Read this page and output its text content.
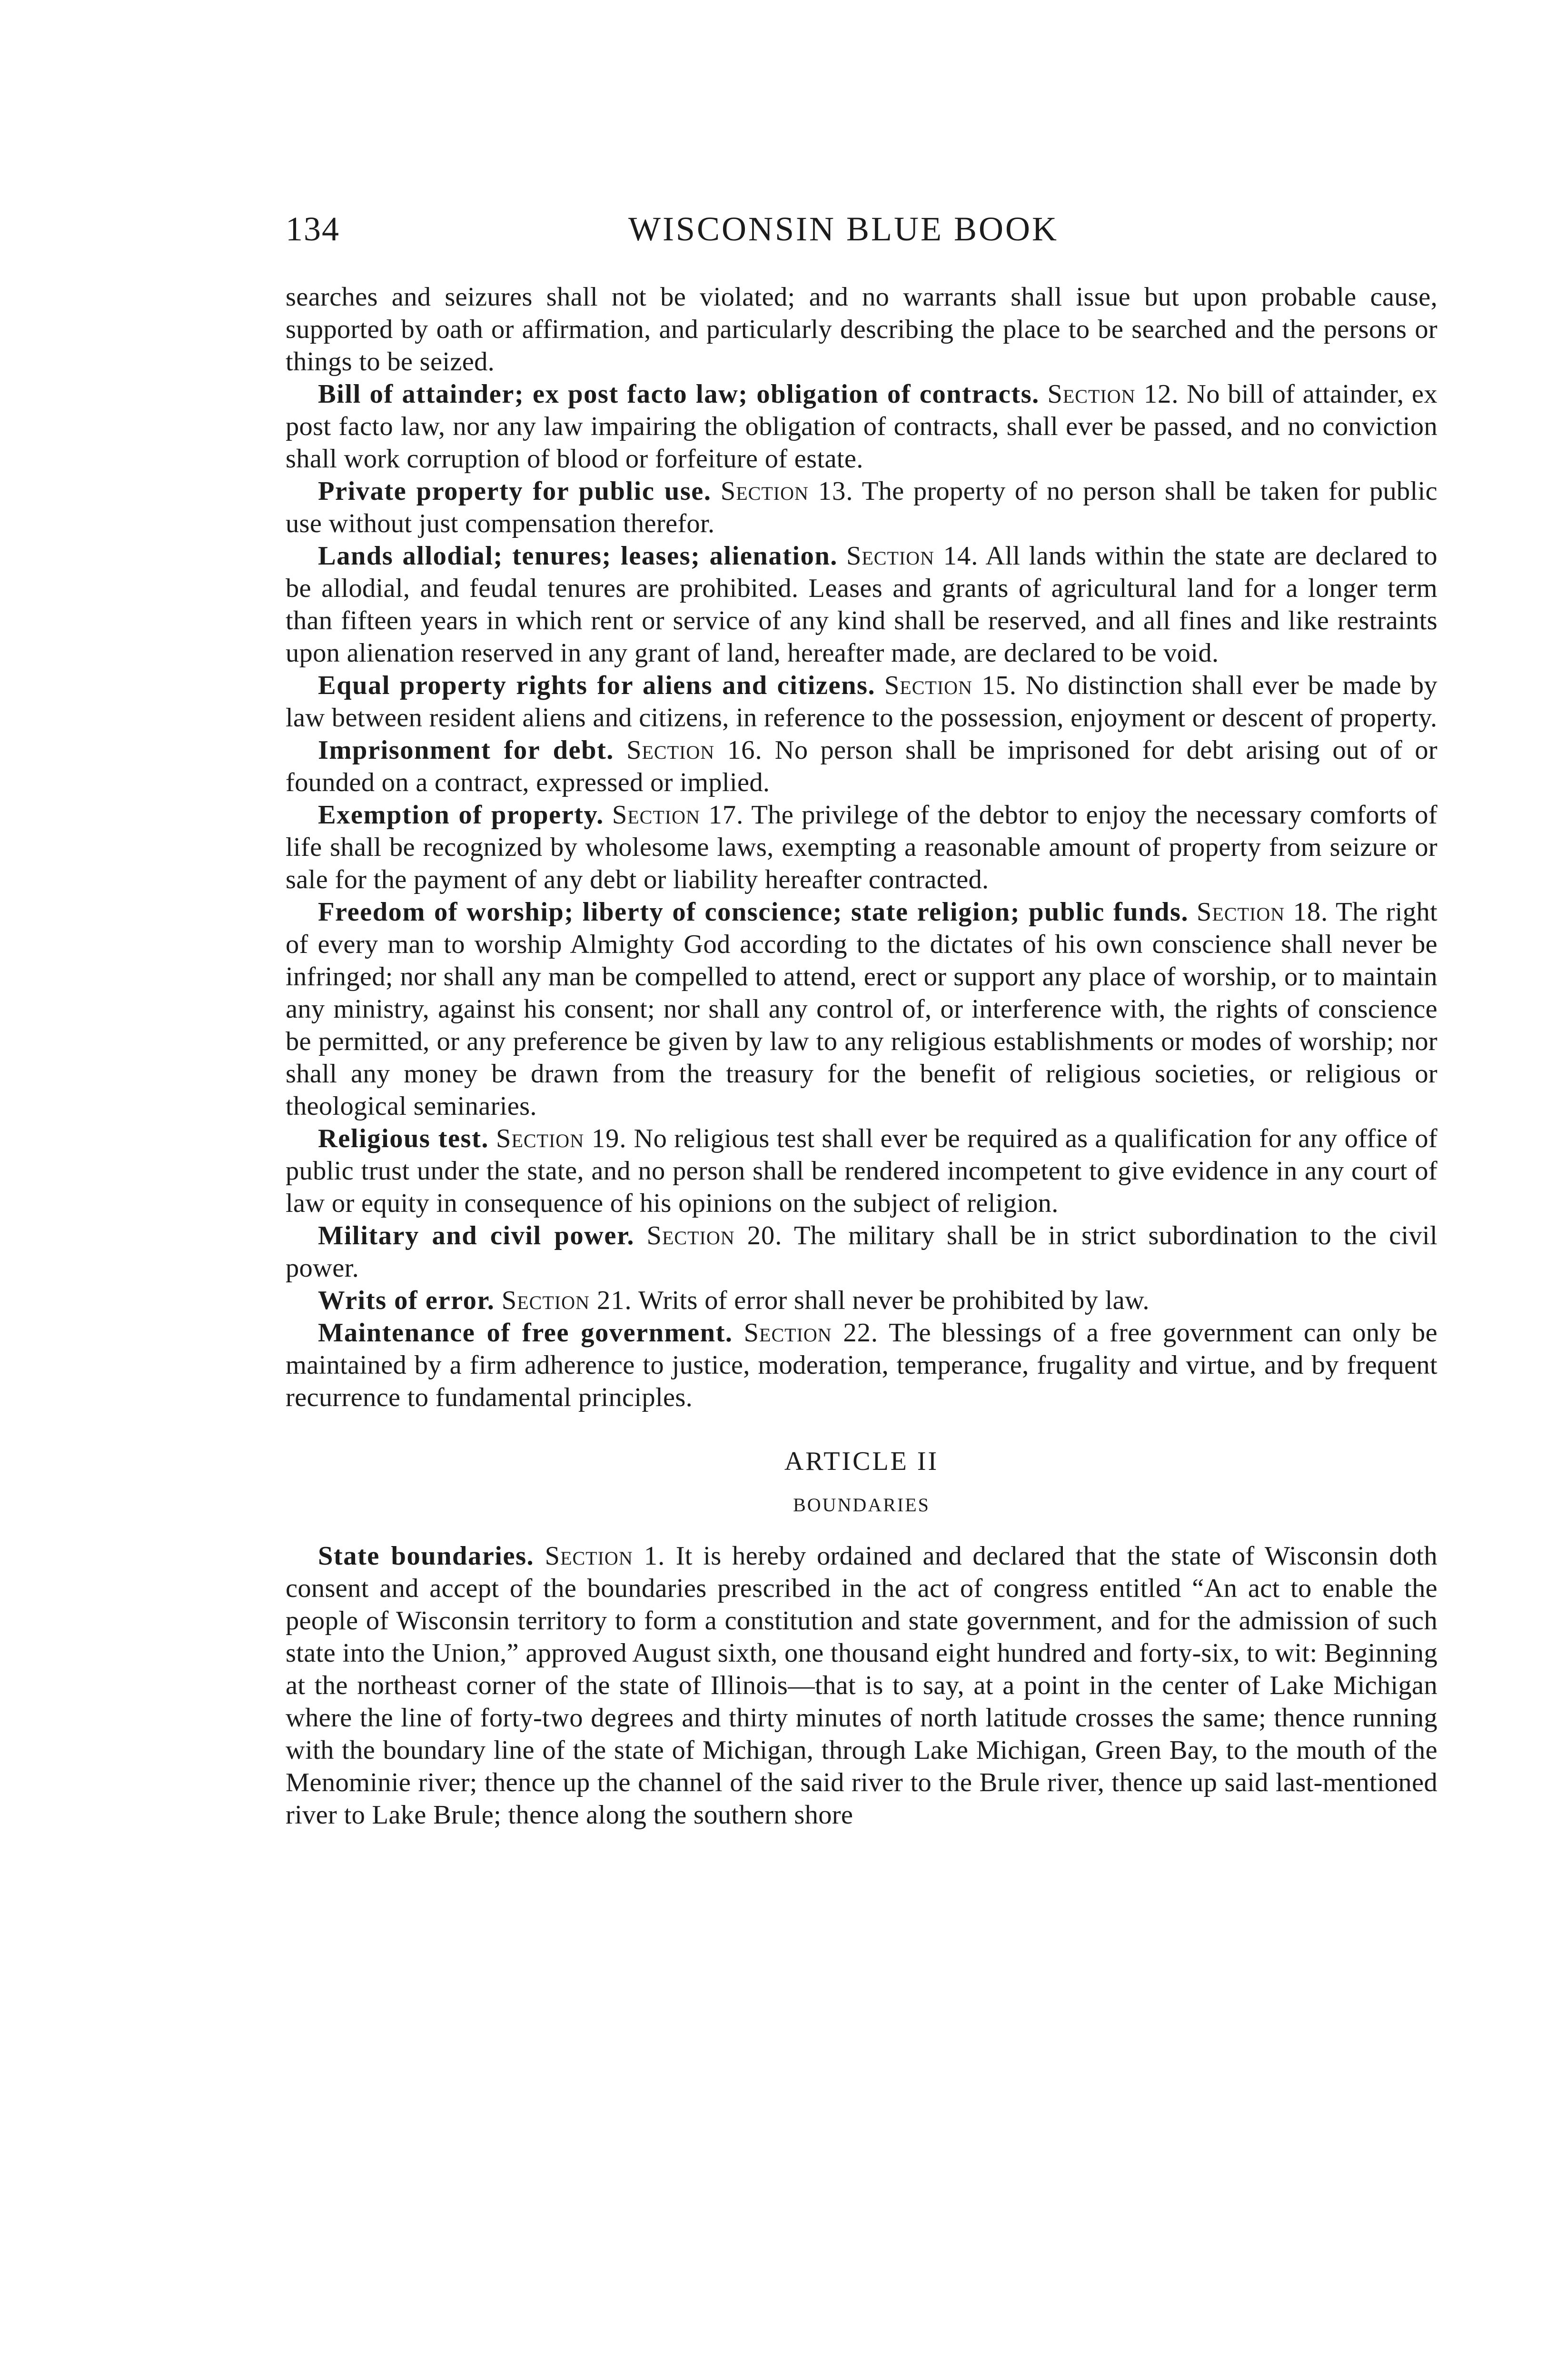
134	WISCONSIN BLUE BOOK

searches and seizures shall not be violated; and no warrants shall issue but upon probable cause, supported by oath or affirmation, and particularly describing the place to be searched and the persons or things to be seized.

Bill of attainder; ex post facto law; obligation of contracts. Section 12. No bill of attainder, ex post facto law, nor any law impairing the obligation of contracts, shall ever be passed, and no conviction shall work corruption of blood or forfeiture of estate.

Private property for public use. Section 13. The property of no person shall be taken for public use without just compensation therefor.

Lands allodial; tenures; leases; alienation. Section 14. All lands within the state are declared to be allodial, and feudal tenures are prohibited. Leases and grants of agricultural land for a longer term than fifteen years in which rent or service of any kind shall be reserved, and all fines and like restraints upon alienation reserved in any grant of land, hereafter made, are declared to be void.

Equal property rights for aliens and citizens. Section 15. No distinction shall ever be made by law between resident aliens and citizens, in reference to the possession, enjoyment or descent of property.

Imprisonment for debt. Section 16. No person shall be imprisoned for debt arising out of or founded on a contract, expressed or implied.

Exemption of property. Section 17. The privilege of the debtor to enjoy the necessary comforts of life shall be recognized by wholesome laws, exempting a reasonable amount of property from seizure or sale for the payment of any debt or liability hereafter contracted.

Freedom of worship; liberty of conscience; state religion; public funds. Section 18. The right of every man to worship Almighty God according to the dictates of his own conscience shall never be infringed; nor shall any man be compelled to attend, erect or support any place of worship, or to maintain any ministry, against his consent; nor shall any control of, or interference with, the rights of conscience be permitted, or any preference be given by law to any religious establishments or modes of worship; nor shall any money be drawn from the treasury for the benefit of religious societies, or religious or theological seminaries.

Religious test. Section 19. No religious test shall ever be required as a qualification for any office of public trust under the state, and no person shall be rendered incompetent to give evidence in any court of law or equity in consequence of his opinions on the subject of religion.

Military and civil power. Section 20. The military shall be in strict subordination to the civil power.

Writs of error. Section 21. Writs of error shall never be prohibited by law.

Maintenance of free government. Section 22. The blessings of a free government can only be maintained by a firm adherence to justice, moderation, temperance, frugality and virtue, and by frequent recurrence to fundamental principles.

ARTICLE II
BOUNDARIES

State boundaries. Section 1. It is hereby ordained and declared that the state of Wisconsin doth consent and accept of the boundaries prescribed in the act of congress entitled “An act to enable the people of Wisconsin territory to form a constitution and state government, and for the admission of such state into the Union,” approved August sixth, one thousand eight hundred and forty-six, to wit: Beginning at the northeast corner of the state of Illinois—that is to say, at a point in the center of Lake Michigan where the line of forty-two degrees and thirty minutes of north latitude crosses the same; thence running with the boundary line of the state of Michigan, through Lake Michigan, Green Bay, to the mouth of the Menominie river; thence up the channel of the said river to the Brule river, thence up said last-mentioned river to Lake Brule; thence along the southern shore
